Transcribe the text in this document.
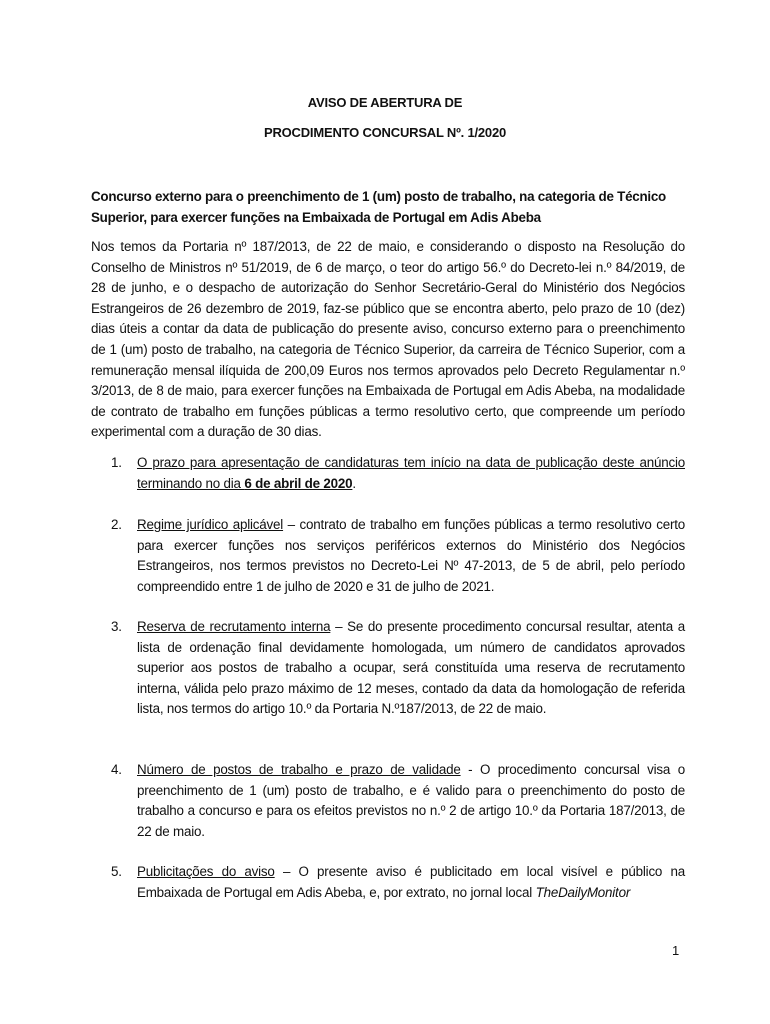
AVISO DE ABERTURA DE
PROCDIMENTO CONCURSAL Nº. 1/2020
Concurso externo para o preenchimento de 1 (um) posto de trabalho, na categoria de Técnico Superior, para exercer funções na Embaixada de Portugal em Adis Abeba
Nos temos da Portaria nº 187/2013, de 22 de maio, e considerando o disposto na Resolução do Conselho de Ministros nº 51/2019, de 6 de março, o teor do artigo 56.º do Decreto-lei n.º 84/2019, de 28 de junho, e o despacho de autorização do Senhor Secretário-Geral do Ministério dos Negócios Estrangeiros de 26 dezembro de 2019, faz-se público que se encontra aberto, pelo prazo de 10 (dez) dias úteis a contar da data de publicação do presente aviso, concurso externo para o preenchimento de 1 (um) posto de trabalho, na categoria de Técnico Superior, da carreira de Técnico Superior, com a remuneração mensal ilíquida de 200,09 Euros nos termos aprovados pelo Decreto Regulamentar n.º 3/2013, de 8 de maio, para exercer funções na Embaixada de Portugal em Adis Abeba, na modalidade de contrato de trabalho em funções públicas a termo resolutivo certo, que compreende um período experimental com a duração de 30 dias.
1.	O prazo para apresentação de candidaturas tem início na data de publicação deste anúncio terminando no dia 6 de abril de 2020.
2.	Regime jurídico aplicável – contrato de trabalho em funções públicas a termo resolutivo certo para exercer funções nos serviços periféricos externos do Ministério dos Negócios Estrangeiros, nos termos previstos no Decreto-Lei Nº 47-2013, de 5 de abril, pelo período compreendido entre 1 de julho de 2020 e 31 de julho de 2021.
3.	Reserva de recrutamento interna – Se do presente procedimento concursal resultar, atenta a lista de ordenação final devidamente homologada, um número de candidatos aprovados superior aos postos de trabalho a ocupar, será constituída uma reserva de recrutamento interna, válida pelo prazo máximo de 12 meses, contado da data da homologação de referida lista, nos termos do artigo 10.º da Portaria N.º187/2013, de 22 de maio.
4.	Número de postos de trabalho e prazo de validade - O procedimento concursal visa o preenchimento de 1 (um) posto de trabalho, e é valido para o preenchimento do posto de trabalho a concurso e para os efeitos previstos no n.º 2 de artigo 10.º da Portaria 187/2013, de 22 de maio.
5.	Publicitações do aviso – O presente aviso é publicitado em local visível e público na Embaixada de Portugal em Adis Abeba, e, por extrato, no jornal local TheDailyMonitor
1
